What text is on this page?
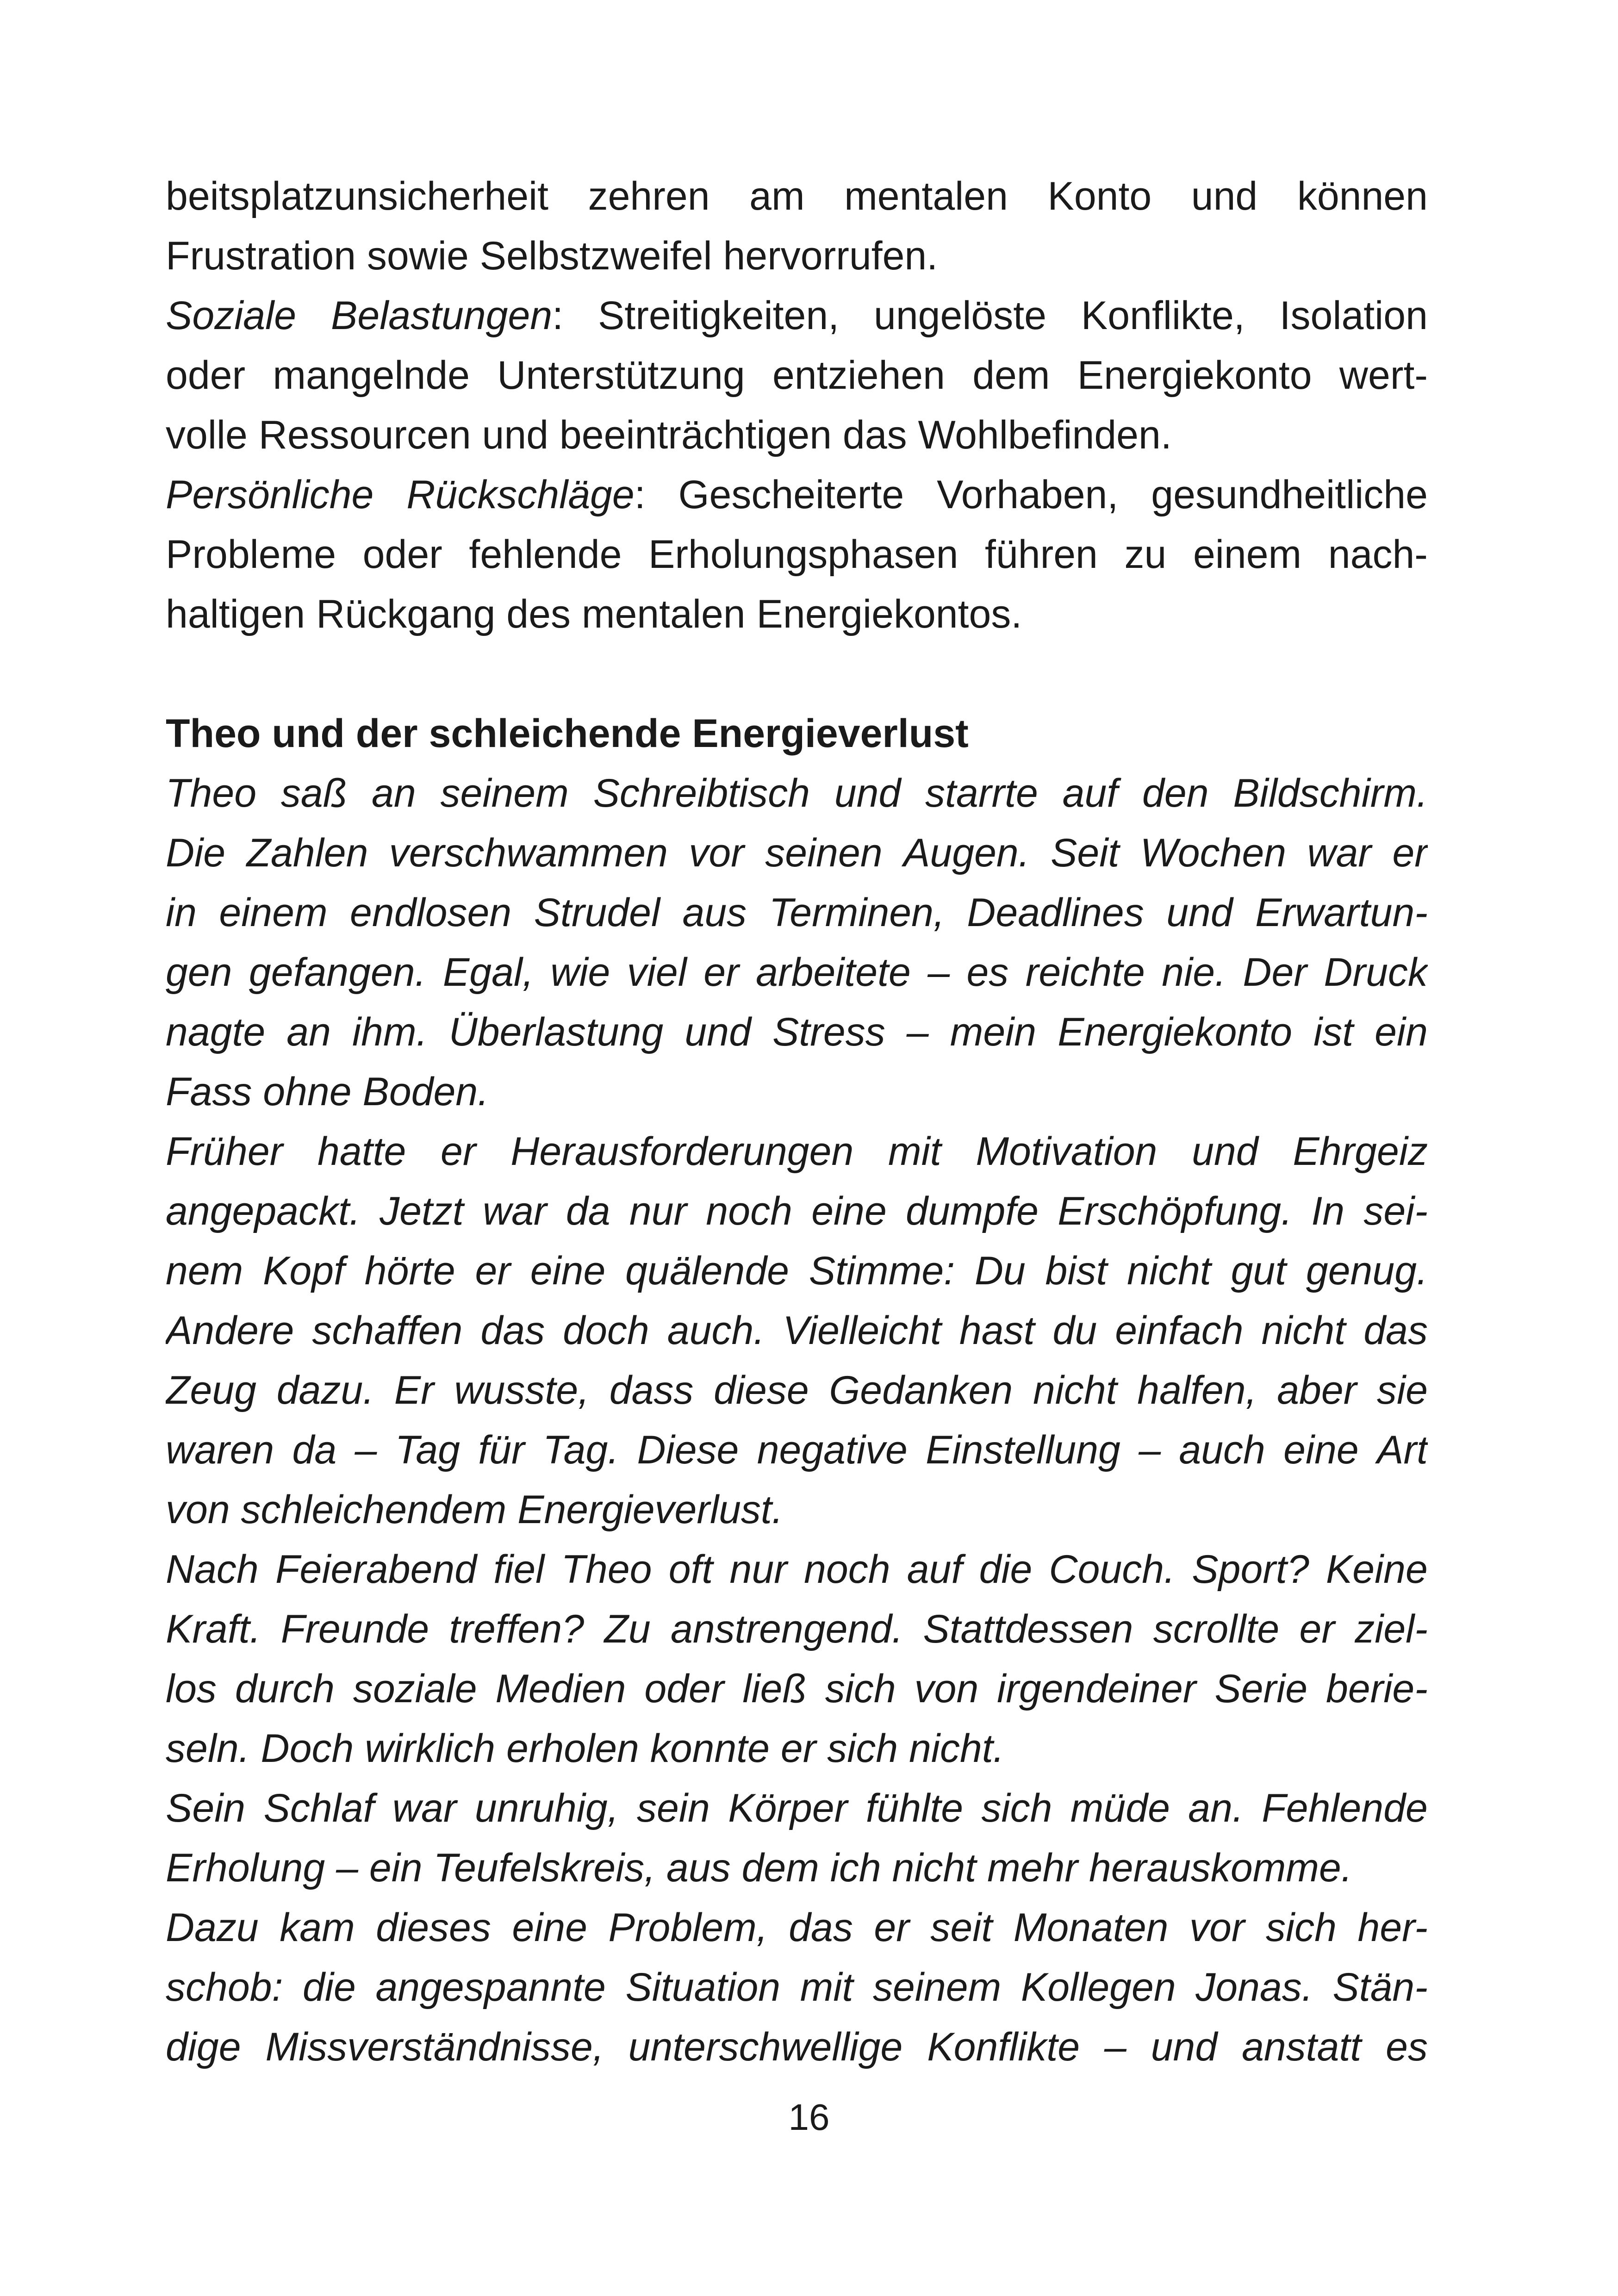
beitsplatzunsicherheit zehren am mentalen Konto und können
Frustration sowie Selbstzweifel hervorrufen.
Soziale Belastungen: Streitigkeiten, ungelöste Konflikte, Isolation
oder mangelnde Unterstützung entziehen dem Energiekonto wert-
volle Ressourcen und beeinträchtigen das Wohlbefinden.
Persönliche Rückschläge: Gescheiterte Vorhaben, gesundheitliche
Probleme oder fehlende Erholungsphasen führen zu einem nach-
haltigen Rückgang des mentalen Energiekontos.
Theo und der schleichende Energieverlust
Theo saß an seinem Schreibtisch und starrte auf den Bildschirm.
Die Zahlen verschwammen vor seinen Augen. Seit Wochen war er
in einem endlosen Strudel aus Terminen, Deadlines und Erwartun-
gen gefangen. Egal, wie viel er arbeitete – es reichte nie. Der Druck
nagte an ihm. Überlastung und Stress – mein Energiekonto ist ein
Fass ohne Boden.
Früher hatte er Herausforderungen mit Motivation und Ehrgeiz
angepackt. Jetzt war da nur noch eine dumpfe Erschöpfung. In sei-
nem Kopf hörte er eine quälende Stimme: Du bist nicht gut genug.
Andere schaffen das doch auch. Vielleicht hast du einfach nicht das
Zeug dazu. Er wusste, dass diese Gedanken nicht halfen, aber sie
waren da – Tag für Tag. Diese negative Einstellung – auch eine Art
von schleichendem Energieverlust.
Nach Feierabend fiel Theo oft nur noch auf die Couch. Sport? Keine
Kraft. Freunde treffen? Zu anstrengend. Stattdessen scrollte er ziel-
los durch soziale Medien oder ließ sich von irgendeiner Serie berie-
seln. Doch wirklich erholen konnte er sich nicht.
Sein Schlaf war unruhig, sein Körper fühlte sich müde an. Fehlende
Erholung – ein Teufelskreis, aus dem ich nicht mehr herauskomme.
Dazu kam dieses eine Problem, das er seit Monaten vor sich her-
schob: die angespannte Situation mit seinem Kollegen Jonas. Stän-
dige Missverständnisse, unterschwellige Konflikte – und anstatt es
16
